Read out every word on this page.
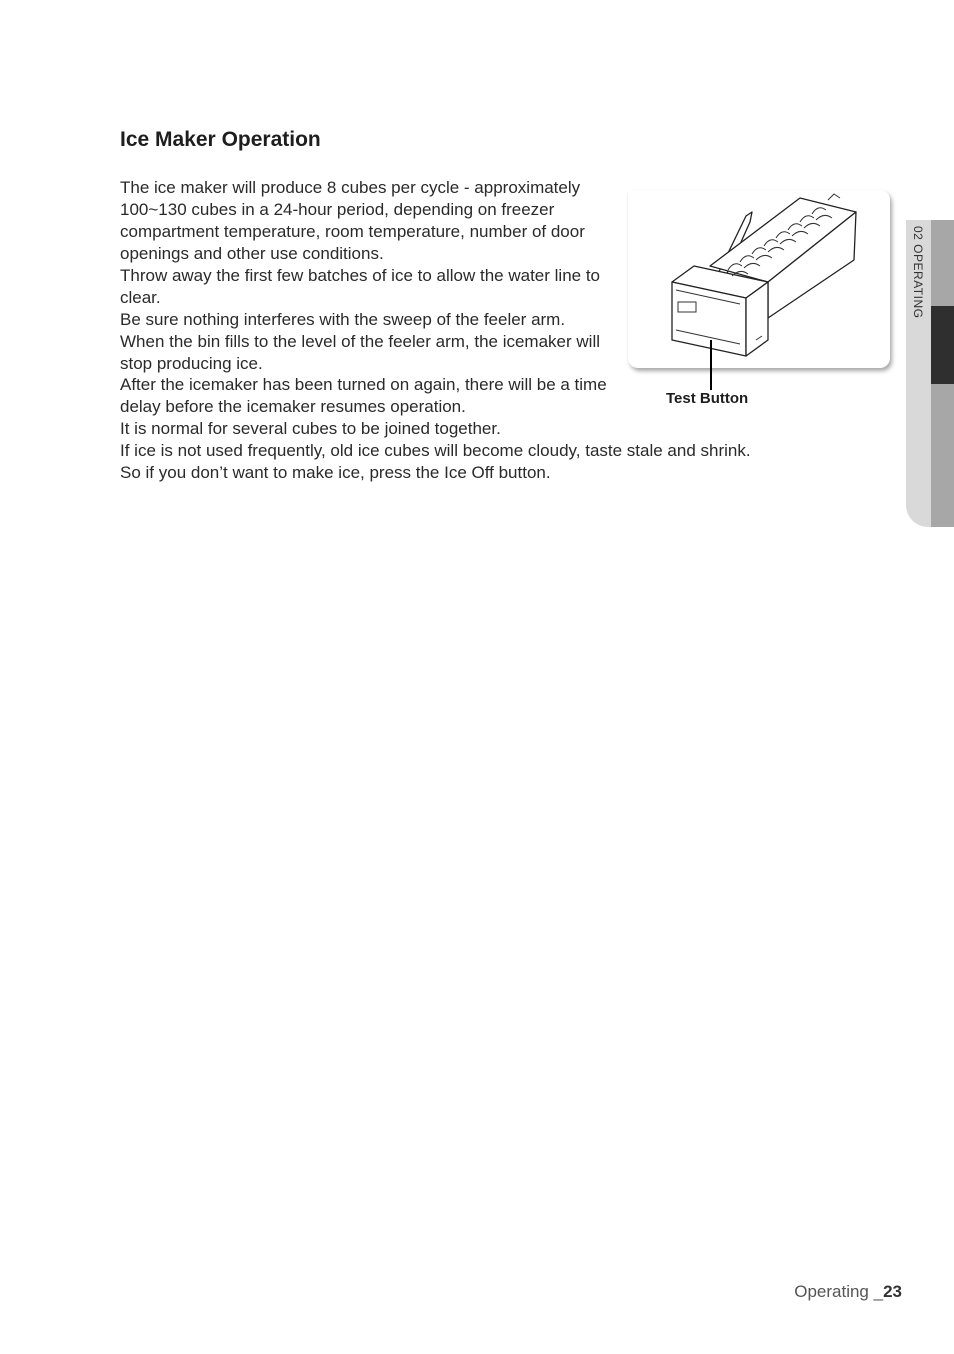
Ice Maker Operation

The ice maker will produce 8 cubes per cycle - approximately
100~130 cubes in a 24-hour period, depending on freezer
compartment temperature, room temperature, number of door
openings and other use conditions.

Throw away the first few batches of ice to allow the water line to
clear.

Be sure nothing interferes with the sweep of the feeler arm.

When the bin fills to the level of the feeler arm, the icemaker will
stop producing ice.

After the icemaker has been turned on again, there will be a time
delay before the icemaker resumes operation.

It is normal for several cubes to be joined together.

If ice is not used frequently, old ice cubes will become cloudy, taste stale and shrink.
So if you don’t want to make ice, press the Ice Off button.

Test Button
02 OPERATING
Operating _23
